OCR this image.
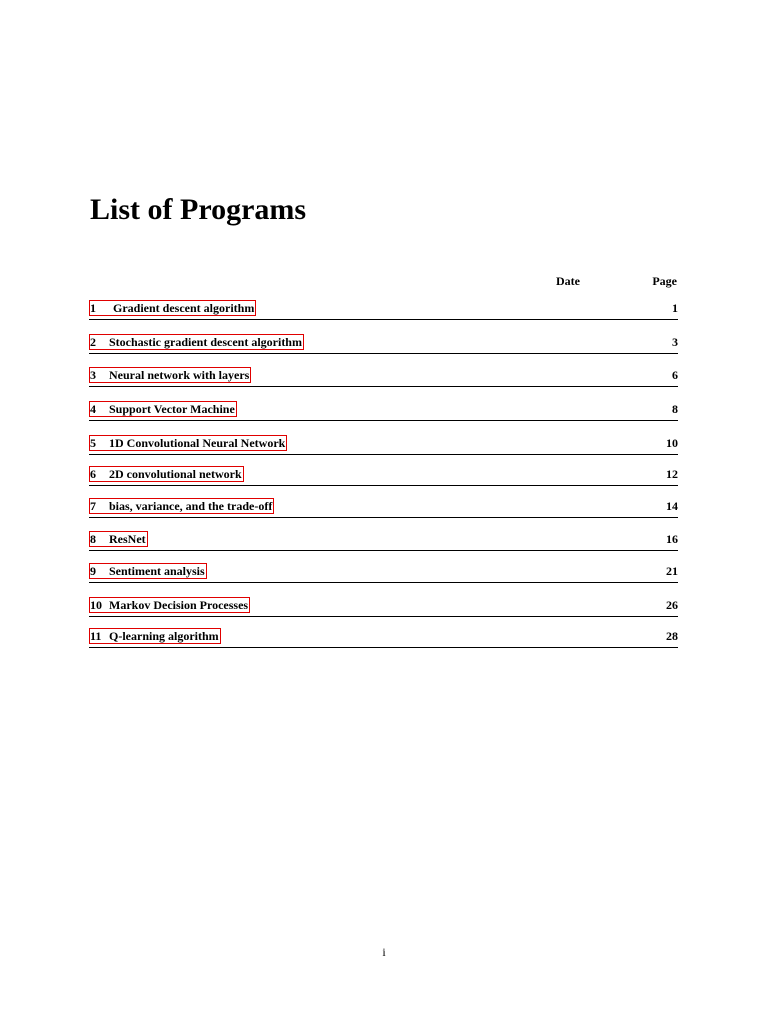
List of Programs
Date	Page
1 Gradient descent algorithm	1
2 Stochastic gradient descent algorithm	3
3 Neural network with layers	6
4 Support Vector Machine	8
5 1D Convolutional Neural Network	10
6 2D convolutional network	12
7 bias, variance, and the trade-off	14
8 ResNet	16
9 Sentiment analysis	21
10 Markov Decision Processes	26
11 Q-learning algorithm	28
i
